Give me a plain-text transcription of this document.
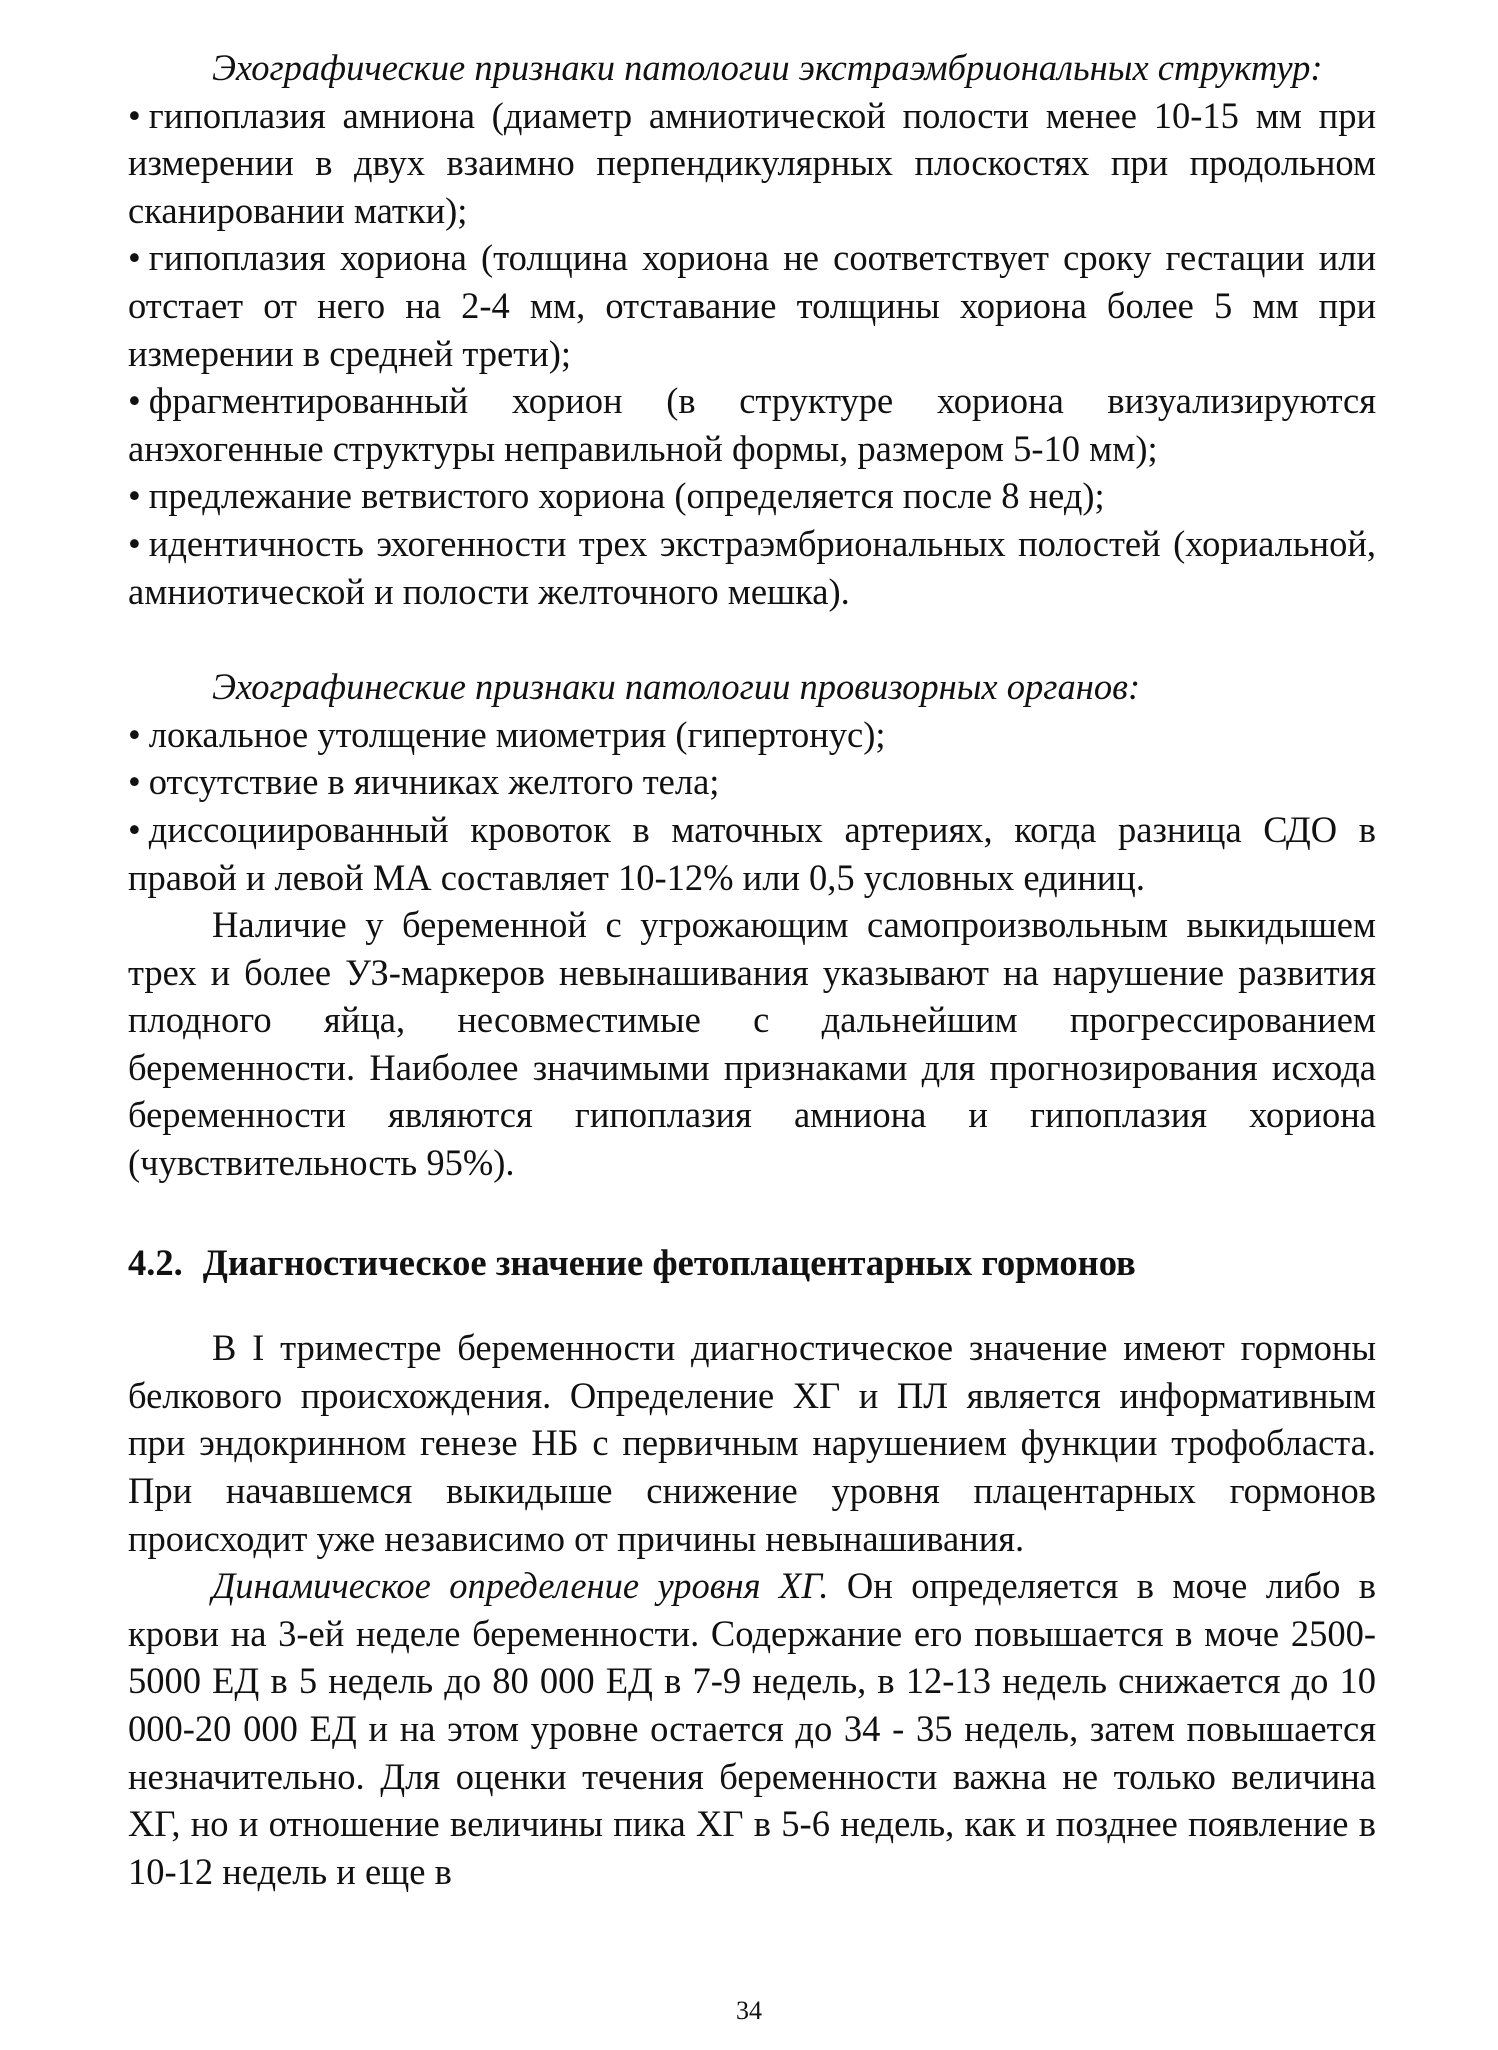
Эхографические признаки патологии экстраэмбриональных структур:

• гипоплазия амниона (диаметр амниотической полости менее 10-15 мм при измерении в двух взаимно перпендикулярных плоскостях при продольном сканировании матки);

• гипоплазия хориона (толщина хориона не соответствует сроку гестации или отстает от него на 2-4 мм, отставание толщины хориона более 5 мм при измерении в средней трети);

• фрагментированный хорион (в структуре хориона визуализируются анэхогенные структуры неправильной формы, размером 5-10 мм);

• предлежание ветвистого хориона (определяется после 8 нед);

• идентичность эхогенности трех экстраэмбриональных полостей (хориальной, амниотической и полости желточного мешка).

Эхографинеские признаки патологии провизорных органов:

• локальное утолщение миометрия (гипертонус);

• отсутствие в яичниках желтого тела;

• диссоциированный кровоток в маточных артериях, когда разница СДО в правой и левой МА составляет 10-12% или 0,5 условных единиц.

Наличие у беременной с угрожающим самопроизвольным выкидышем трех и более УЗ-маркеров невынашивания указывают на нарушение развития плодного яйца, несовместимые с дальнейшим прогрессированием беременности. Наиболее значимыми признаками для прогнозирования исхода беременности являются гипоплазия амниона и гипоплазия хориона (чувствительность 95%).

4.2. Диагностическое значение фетоплацентарных гормонов

В I триместре беременности диагностическое значение имеют гормоны белкового происхождения. Определение ХГ и ПЛ является информативным при эндокринном генезе НБ с первичным нарушением функции трофобласта. При начавшемся выкидыше снижение уровня плацентарных гормонов происходит уже независимо от причины невынашивания.

Динамическое определение уровня ХГ. Он определяется в моче либо в крови на 3-ей неделе беременности. Содержание его повышается в моче 2500-5000 ЕД в 5 недель до 80 000 ЕД в 7-9 недель, в 12-13 недель снижается до 10 000-20 000 ЕД и на этом уровне остается до 34 - 35 недель, затем повышается незначительно. Для оценки течения беременности важна не только величина ХГ, но и отношение величины пика ХГ в 5-6 недель, как и позднее появление в 10-12 недель и еще в

34
